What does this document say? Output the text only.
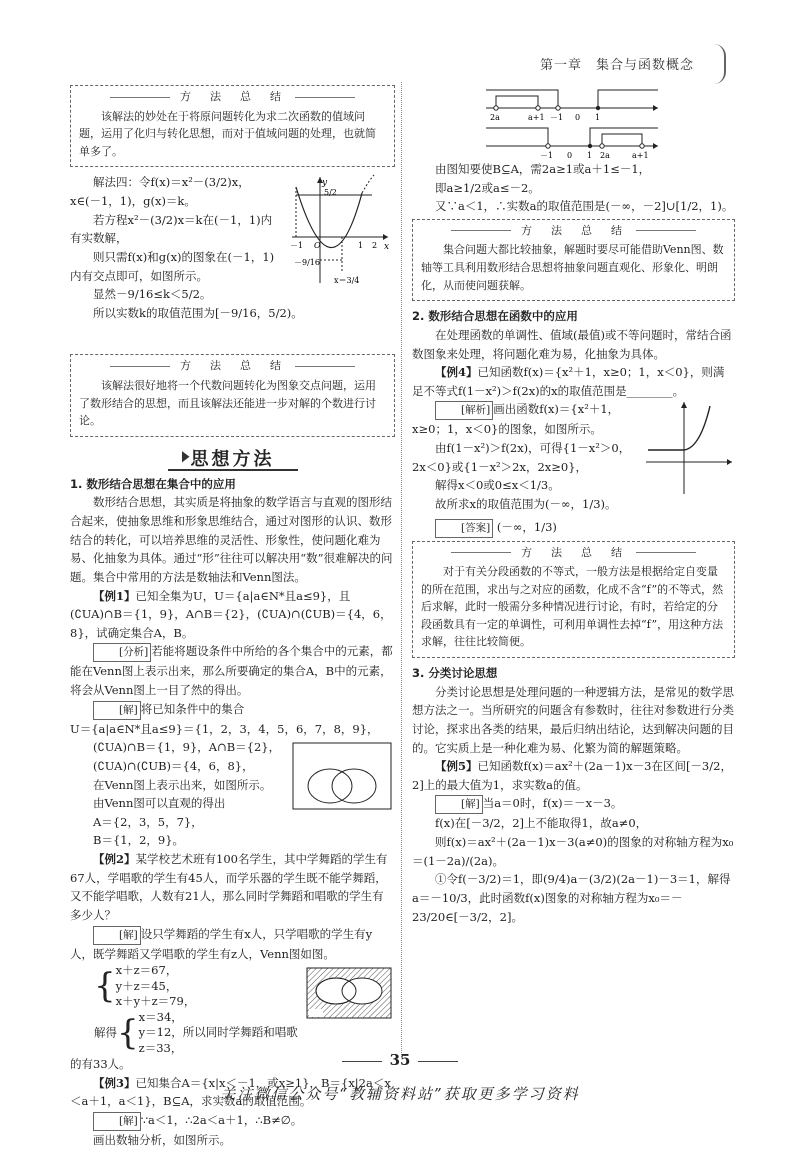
第一章　集合与函数概念
方　法　总　结

该解法的妙处在于将原问题转化为求二次函数的值域问题，运用了化归与转化思想，而对于值域问题的处理，也就简单多了。

解法四：令f(x)＝x²－(3/2)x，x∈(－1，1)，g(x)＝k。

若方程x²－(3/2)x＝k在(－1，1)内有实数解，

则只需f(x)和g(x)的图象在(－1，1)内有交点即可，如图所示。

显然－9/16≤k＜5/2。

所以实数k的取值范围为[－9/16，5/2)。

y
x
5/2
－1 O	1 2
－9/16
x＝3/4
方　法　总　结

该解法很好地将一个代数问题转化为图象交点问题，运用了数形结合的思想，而且该解法还能进一步对解的个数进行讨论。

思想方法

1. 数形结合思想在集合中的应用

数形结合思想，其实质是将抽象的数学语言与直观的图形结合起来，使抽象思维和形象思维结合，通过对图形的认识、数形结合的转化，可以培养思维的灵活性、形象性，使问题化难为易、化抽象为具体。通过“形”往往可以解决用“数”很难解决的问题。集合中常用的方法是数轴法和Venn图法。

【例1】已知全集为U，U＝{a|a∈N*且a≤9}，且(∁UA)∩B＝{1，9}，A∩B＝{2}，(∁UA)∩(∁UB)＝{4，6，8}，试确定集合A，B。

[分析] 若能将题设条件中所给的各个集合中的元素，都能在Venn图上表示出来，那么所要确定的集合A，B中的元素，将会从Venn图上一目了然的得出。

[解] 将已知条件中的集合

U＝{a|a∈N*且a≤9}＝{1，2，3，4，5，6，7，8，9}，

(∁UA)∩B＝{1，9}，A∩B＝{2}，

(∁UA)∩(∁UB)＝{4，6，8}，

在Venn图上表示出来，如图所示。

由Venn图可以直观的得出

A＝{2，3，5，7}，

B＝{1，2，9}。

【例2】某学校艺术班有100名学生，其中学舞蹈的学生有67人，学唱歌的学生有45人，而学乐器的学生既不能学舞蹈，又不能学唱歌，人数有21人，那么同时学舞蹈和唱歌的学生有多少人？

[解] 设只学舞蹈的学生有x人，只学唱歌的学生有y人，既学舞蹈又学唱歌的学生有z人，Venn图如图。

{ x＋z＝67，
y＋z＝45，
x＋y＋z＝79，
解得{ x＝34，
y＝12，所以同时学舞蹈和唱歌
z＝33，

的有33人。

【例3】已知集合A＝{x|x＜－1，或x≥1}，B＝{x|2a＜x＜a＋1，a＜1}，B⊆A，求实数a的取值范围。

[解] ∵a＜1，∴2a＜a＋1，∴B≠∅。

画出数轴分析，如图所示。

2a	a+1 －1 0 1
－1 0 1 2a	a+1

由图知要使B⊆A，需2a≥1或a＋1≤－1，

即a≥1/2或a≤－2。

又∵a＜1，∴实数a的取值范围是(－∞，－2]∪[1/2，1)。

方　法　总　结

集合问题大都比较抽象，解题时要尽可能借助Venn图、数轴等工具利用数形结合思想将抽象问题直观化、形象化、明朗化，从而使问题获解。

2. 数形结合思想在函数中的应用

在处理函数的单调性、值域(最值)或不等问题时，常结合函数图象来处理，将问题化难为易，化抽象为具体。

【例4】已知函数f(x)＝{x²＋1，x≥0；1，x＜0}，则满足不等式f(1－x²)＞f(2x)的x的取值范围是________。

[解析] 画出函数f(x)＝{x²＋1，x≥0；1，x＜0}的图象，如图所示。

由f(1－x²)＞f(2x)，可得{1－x²＞0，2x＜0}或{1－x²＞2x，2x≥0}，

解得x＜0或0≤x＜1/3。

故所求x的取值范围为(－∞，1/3)。

[答案] (－∞，1/3)

方　法　总　结

对于有关分段函数的不等式，一般方法是根据给定自变量的所在范围，求出与之对应的函数，化成不含“f”的不等式，然后求解，此时一般需分多种情况进行讨论，有时，若给定的分段函数具有一定的单调性，可利用单调性去掉“f”，用这种方法求解，往往比较简便。

3. 分类讨论思想

分类讨论思想是处理问题的一种逻辑方法，是常见的数学思想方法之一。当所研究的问题含有参数时，往往对参数进行分类讨论，探求出各类的结果，最后归纳出结论，达到解决问题的目的。它实质上是一种化难为易、化繁为简的解题策略。

【例5】已知函数f(x)＝ax²＋(2a－1)x－3在区间[－3/2，2]上的最大值为1，求实数a的值。

[解] 当a＝0时，f(x)＝－x－3。

f(x)在[－3/2，2]上不能取得1，故a≠0，

则f(x)＝ax²＋(2a－1)x－3(a≠0)的图象的对称轴方程为x₀＝(1－2a)/(2a)。

①令f(－3/2)＝1，即(9/4)a－(3/2)(2a－1)－3＝1，解得a＝－10/3，此时函数f(x)图象的对称轴方程为x₀＝－23/20∈[－3/2，2]。

35
关注微信公众号“教辅资料站”获取更多学习资料
